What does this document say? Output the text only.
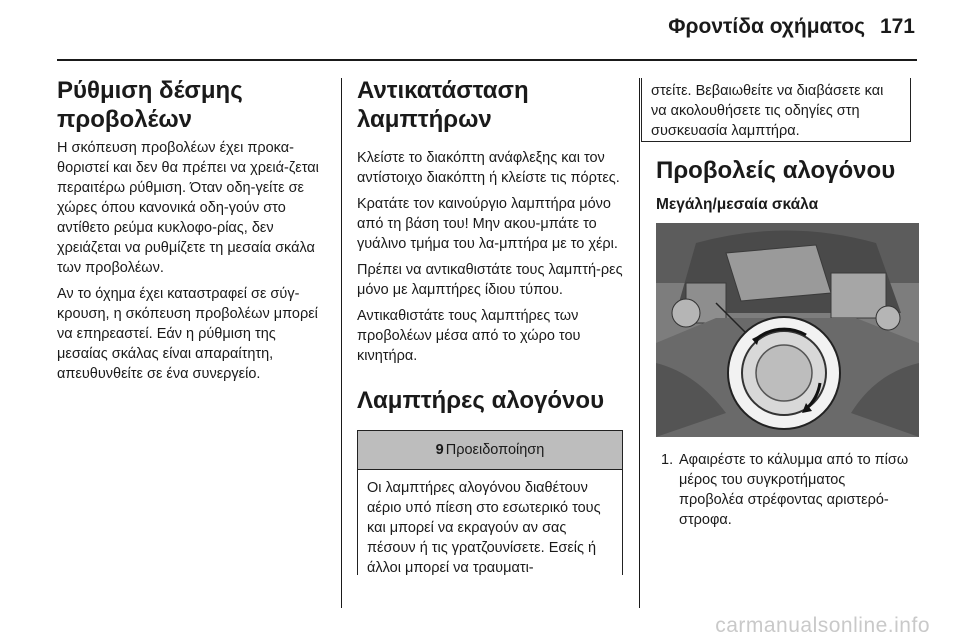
Φροντίδα οχήματος 171
Ρύθμιση δέσμης προβολέων

Η σκόπευση προβολέων έχει προκα-θοριστεί και δεν θα πρέπει να χρειά-ζεται περαιτέρω ρύθμιση. Όταν οδη-γείτε σε χώρες όπου κανονικά οδη-γούν στο αντίθετο ρεύμα κυκλοφο-ρίας, δεν χρειάζεται να ρυθμίζετε τη μεσαία σκάλα των προβολέων.

Αν το όχημα έχει καταστραφεί σε σύγ-κρουση, η σκόπευση προβολέων μπορεί να επηρεαστεί. Εάν η ρύθμιση της μεσαίας σκάλας είναι απαραίτητη, απευθυνθείτε σε ένα συνεργείο.

Αντικατάσταση λαμπτήρων

Κλείστε το διακόπτη ανάφλεξης και τον αντίστοιχο διακόπτη ή κλείστε τις πόρτες.

Κρατάτε τον καινούργιο λαμπτήρα μόνο από τη βάση του! Μην ακου-μπάτε το γυάλινο τμήμα του λα-μπτήρα με το χέρι.

Πρέπει να αντικαθιστάτε τους λαμπτή-ρες μόνο με λαμπτήρες ίδιου τύπου.

Αντικαθιστάτε τους λαμπτήρες των προβολέων μέσα από το χώρο του κινητήρα.

Λαμπτήρες αλογόνου
9 Προειδοποίηση
Οι λαμπτήρες αλογόνου διαθέτουν αέριο υπό πίεση στο εσωτερικό τους και μπορεί να εκραγούν αν σας πέσουν ή τις γρατζουνίσετε. Εσείς ή άλλοι μπορεί να τραυματι-
στείτε. Βεβαιωθείτε να διαβάσετε και να ακολουθήσετε τις οδηγίες στη συσκευασία λαμπτήρα.
Προβολείς αλογόνου
Μεγάλη/μεσαία σκάλα
1. Αφαιρέστε το κάλυμμα από το πίσω μέρος του συγκροτήματος προβολέα στρέφοντας αριστερό-στροφα.
carmanualsonline.info
